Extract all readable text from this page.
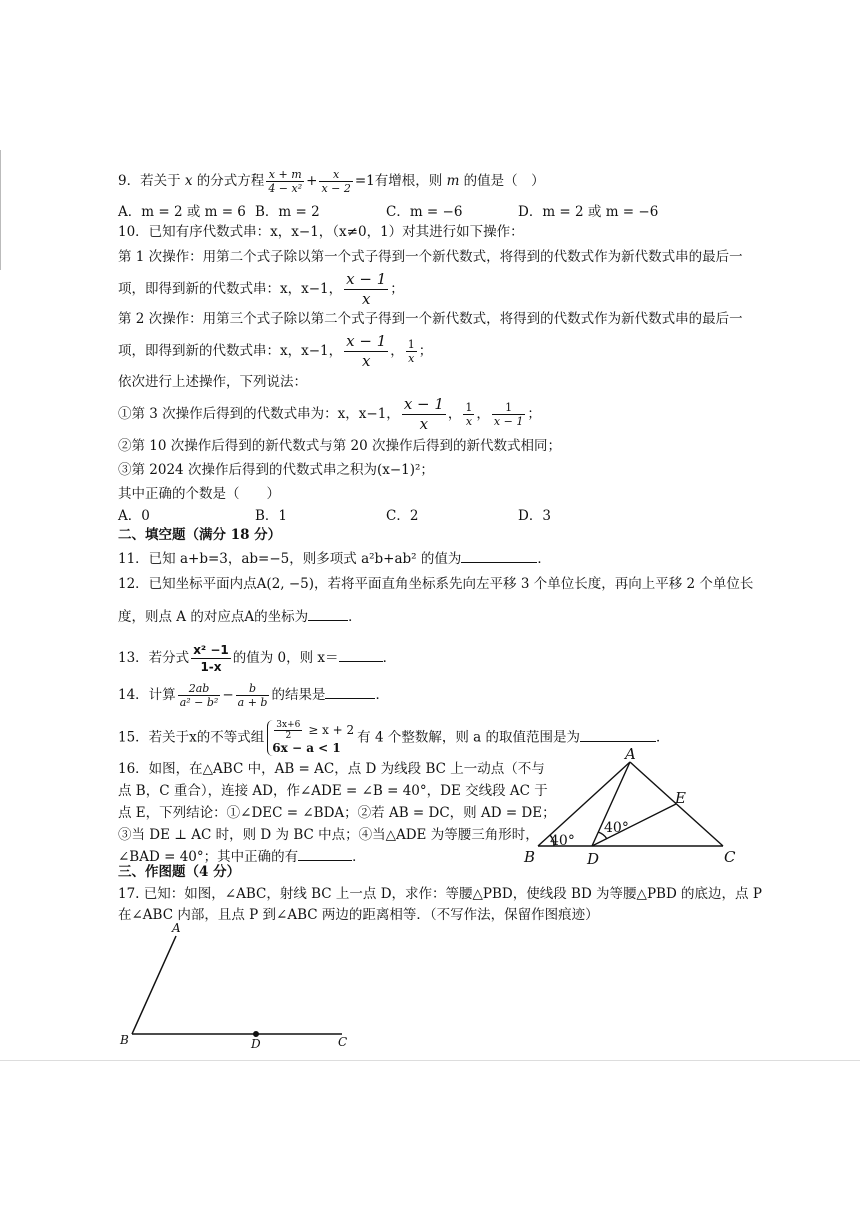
9．若关于 x 的分式方程 $\frac{x + m}{\text{4 − x²}} + \frac{x}{x - 2} =1$有增根，则 m 的值是（　）
A．m = 2 或 m = 6 B．m = 2	C．m = −6	D．m = 2 或 m = −6
10．已知有序代数式串：x，x−1，（x≠0，1）对其进行如下操作：
第 1 次操作：用第二个式子除以第一个式子得到一个新代数式，将得到的代数式作为新代数式串的最后一
项，即得到新的代数式串：x，x−1， $\frac{x - 1}{x}$ ；
第 2 次操作：用第三个式子除以第二个式子得到一个新代数式，将得到的代数式作为新代数式串的最后一
项，即得到新的代数式串：x，x−1， $\frac{x - 1}{x}$ ， $\frac{1}{x}$ ；
依次进行上述操作，下列说法：
①第 3 次操作后得到的代数式串为：x，x−1， $\frac{x - 1}{x}$ ， $\frac{1}{x}$ ， $\frac{1}{x - 1}$ ；
②第 10 次操作后得到的新代数式与第 20 次操作后得到的新代数式相同；
③第 2024 次操作后得到的代数式串之积为(x−1)²；
其中正确的个数是（　　）
A．0	B．1	C．2	D．3
二、填空题（满分 18 分）
11．已知 a+b=3，ab=−5，则多项式 a²b+ab² 的值为	．
12．已知坐标平面内点A(2, −5)，若将平面直角坐标系先向左平移 3 个单位长度，再向上平移 2 个单位长
度，则点 A 的对应点A的坐标为	．
13．若分式 $\frac{\text{x² −1}}{1-x}$ 的值为 0，则 x＝	．
14．计算 $\frac{2ab}{\text{a² − b²}} - \frac{b}{a + b}$ 的结果是	．
15．若关于x的不等式组 $\frac{3x+6}{2} \ge x + 2$
6x − a < 1
有 4 个整数解，则 a 的取值范围是为	．
16．如图，在△ABC 中，AB = AC，点 D 为线段 BC 上一动点（不与
点 B，C 重合），连接 AD，作∠ADE = ∠B = 40°，DE 交线段 AC 于
点 E，下列结论：①∠DEC = ∠BDA；②若 AB = DC，则 AD = DE；
③当 DE ⊥ AC 时，则 D 为 BC 中点；④当△ADE 为等腰三角形时，
∠BAD = 40°；其中正确的有	．
A
B	C
D
E
40°
40°
三、作图题（4 分）
17. 已知：如图，∠ABC，射线 BC 上一点 D，求作：等腰△PBD，使线段 BD 为等腰△PBD 的底边，点 P
在∠ABC 内部，且点 P 到∠ABC 两边的距离相等．（不写作法，保留作图痕迹）
A
B	C
D
